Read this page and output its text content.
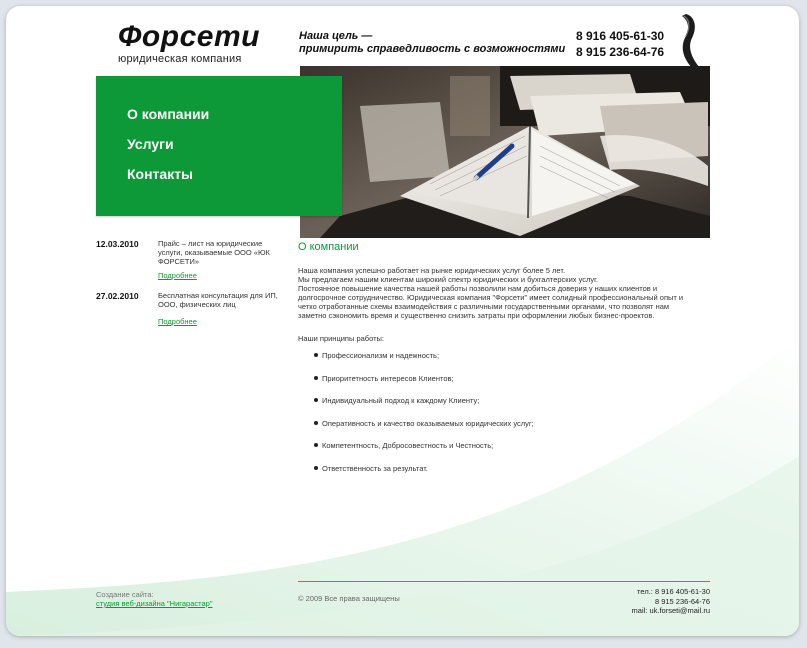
Форсети
юридическая компания
Наша цель —
примирить справедливость с возможностями
8 916 405-61-30
8 915 236-64-76
О компании
Услуги
Контакты
12.03.2010	Прайс – лист на юридические услуги, оказываемые ООО «ЮК ФОРСЕТИ»
Подробнее
27.02.2010	Бесплатная консультация для ИП, ООО, физических лиц
Подробнее
О компании
Наша компания успешно работает на рынке юридических услуг более 5 лет.
Мы предлагаем нашим клиентам широкий спектр юридических и бухгалтерских услуг.
Постоянное повышение качества нашей работы позволили нам добиться доверия у наших клиентов и
долгосрочное сотрудничество. Юридическая компания "Форсети" имеет солидный профессиональный опыт и
четко отработанные схемы взаимодействия с различными государственными органами, что позволят нам
заметно сэкономить время и существенно снизить затраты при оформлении любых бизнес-проектов.
Наши принципы работы:
Профессионализм и надежность;
Приоритетность интересов Клиентов;
Индивидуальный подход к каждому Клиенту;
Оперативность и качество оказываемых юридических услуг;
Компетентность, Добросовестность и Честность;
Ответственность за результат.
Создание сайта:
студия веб-дизайна "Нигарастар"
© 2009 Все права защищены
тел.: 8 916 405-61-30
8 915 236-64-76
mail: uk.forseti@mail.ru
